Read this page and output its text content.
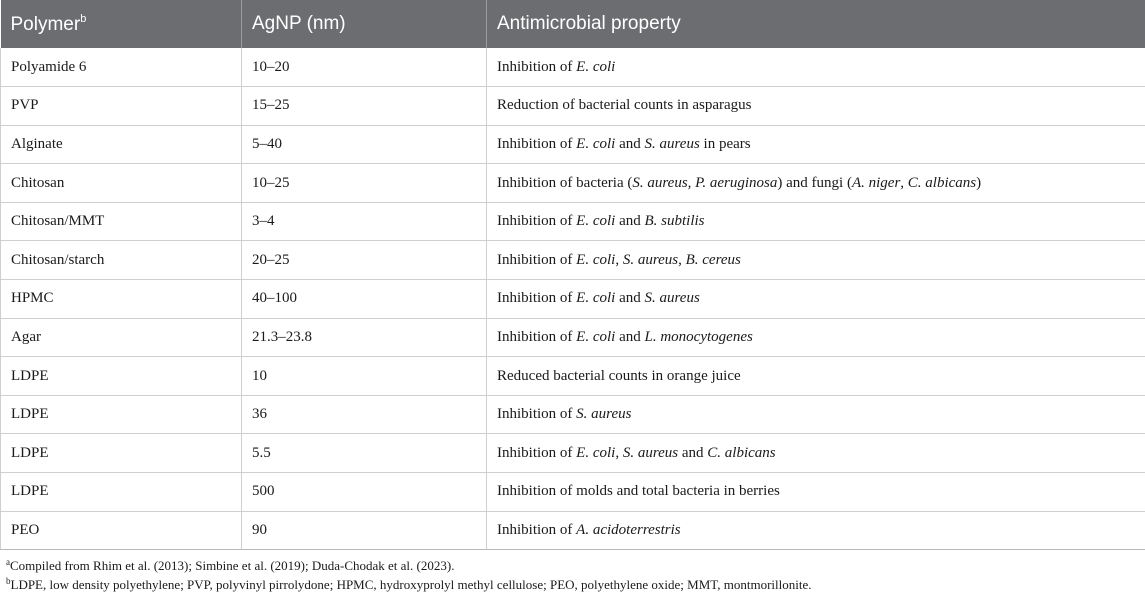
Polymer$^b$	AgNP (nm)	Antimicrobial property
Polyamide 6	10–20	Inhibition of E. coli
PVP	15–25	Reduction of bacterial counts in asparagus
Alginate	5–40	Inhibition of E. coli and S. aureus in pears
Chitosan	10–25	Inhibition of bacteria (S. aureus, P. aeruginosa) and fungi (A. niger, C. albicans)
Chitosan/MMT	3–4	Inhibition of E. coli and B. subtilis
Chitosan/starch	20–25	Inhibition of E. coli, S. aureus, B. cereus
HPMC	40–100	Inhibition of E. coli and S. aureus
Agar	21.3–23.8	Inhibition of E. coli and L. monocytogenes
LDPE	10	Reduced bacterial counts in orange juice
LDPE	36	Inhibition of S. aureus
LDPE	5.5	Inhibition of E. coli, S. aureus and C. albicans
LDPE	500	Inhibition of molds and total bacteria in berries
PEO	90	Inhibition of A. acidoterrestris
$^a$Compiled from Rhim et al. (2013); Simbine et al. (2019); Duda-Chodak et al. (2023).
$^b$LDPE, low density polyethylene; PVP, polyvinyl pirrolydone; HPMC, hydroxyprolyl methyl cellulose; PEO, polyethylene oxide; MMT, montmorillonite.
